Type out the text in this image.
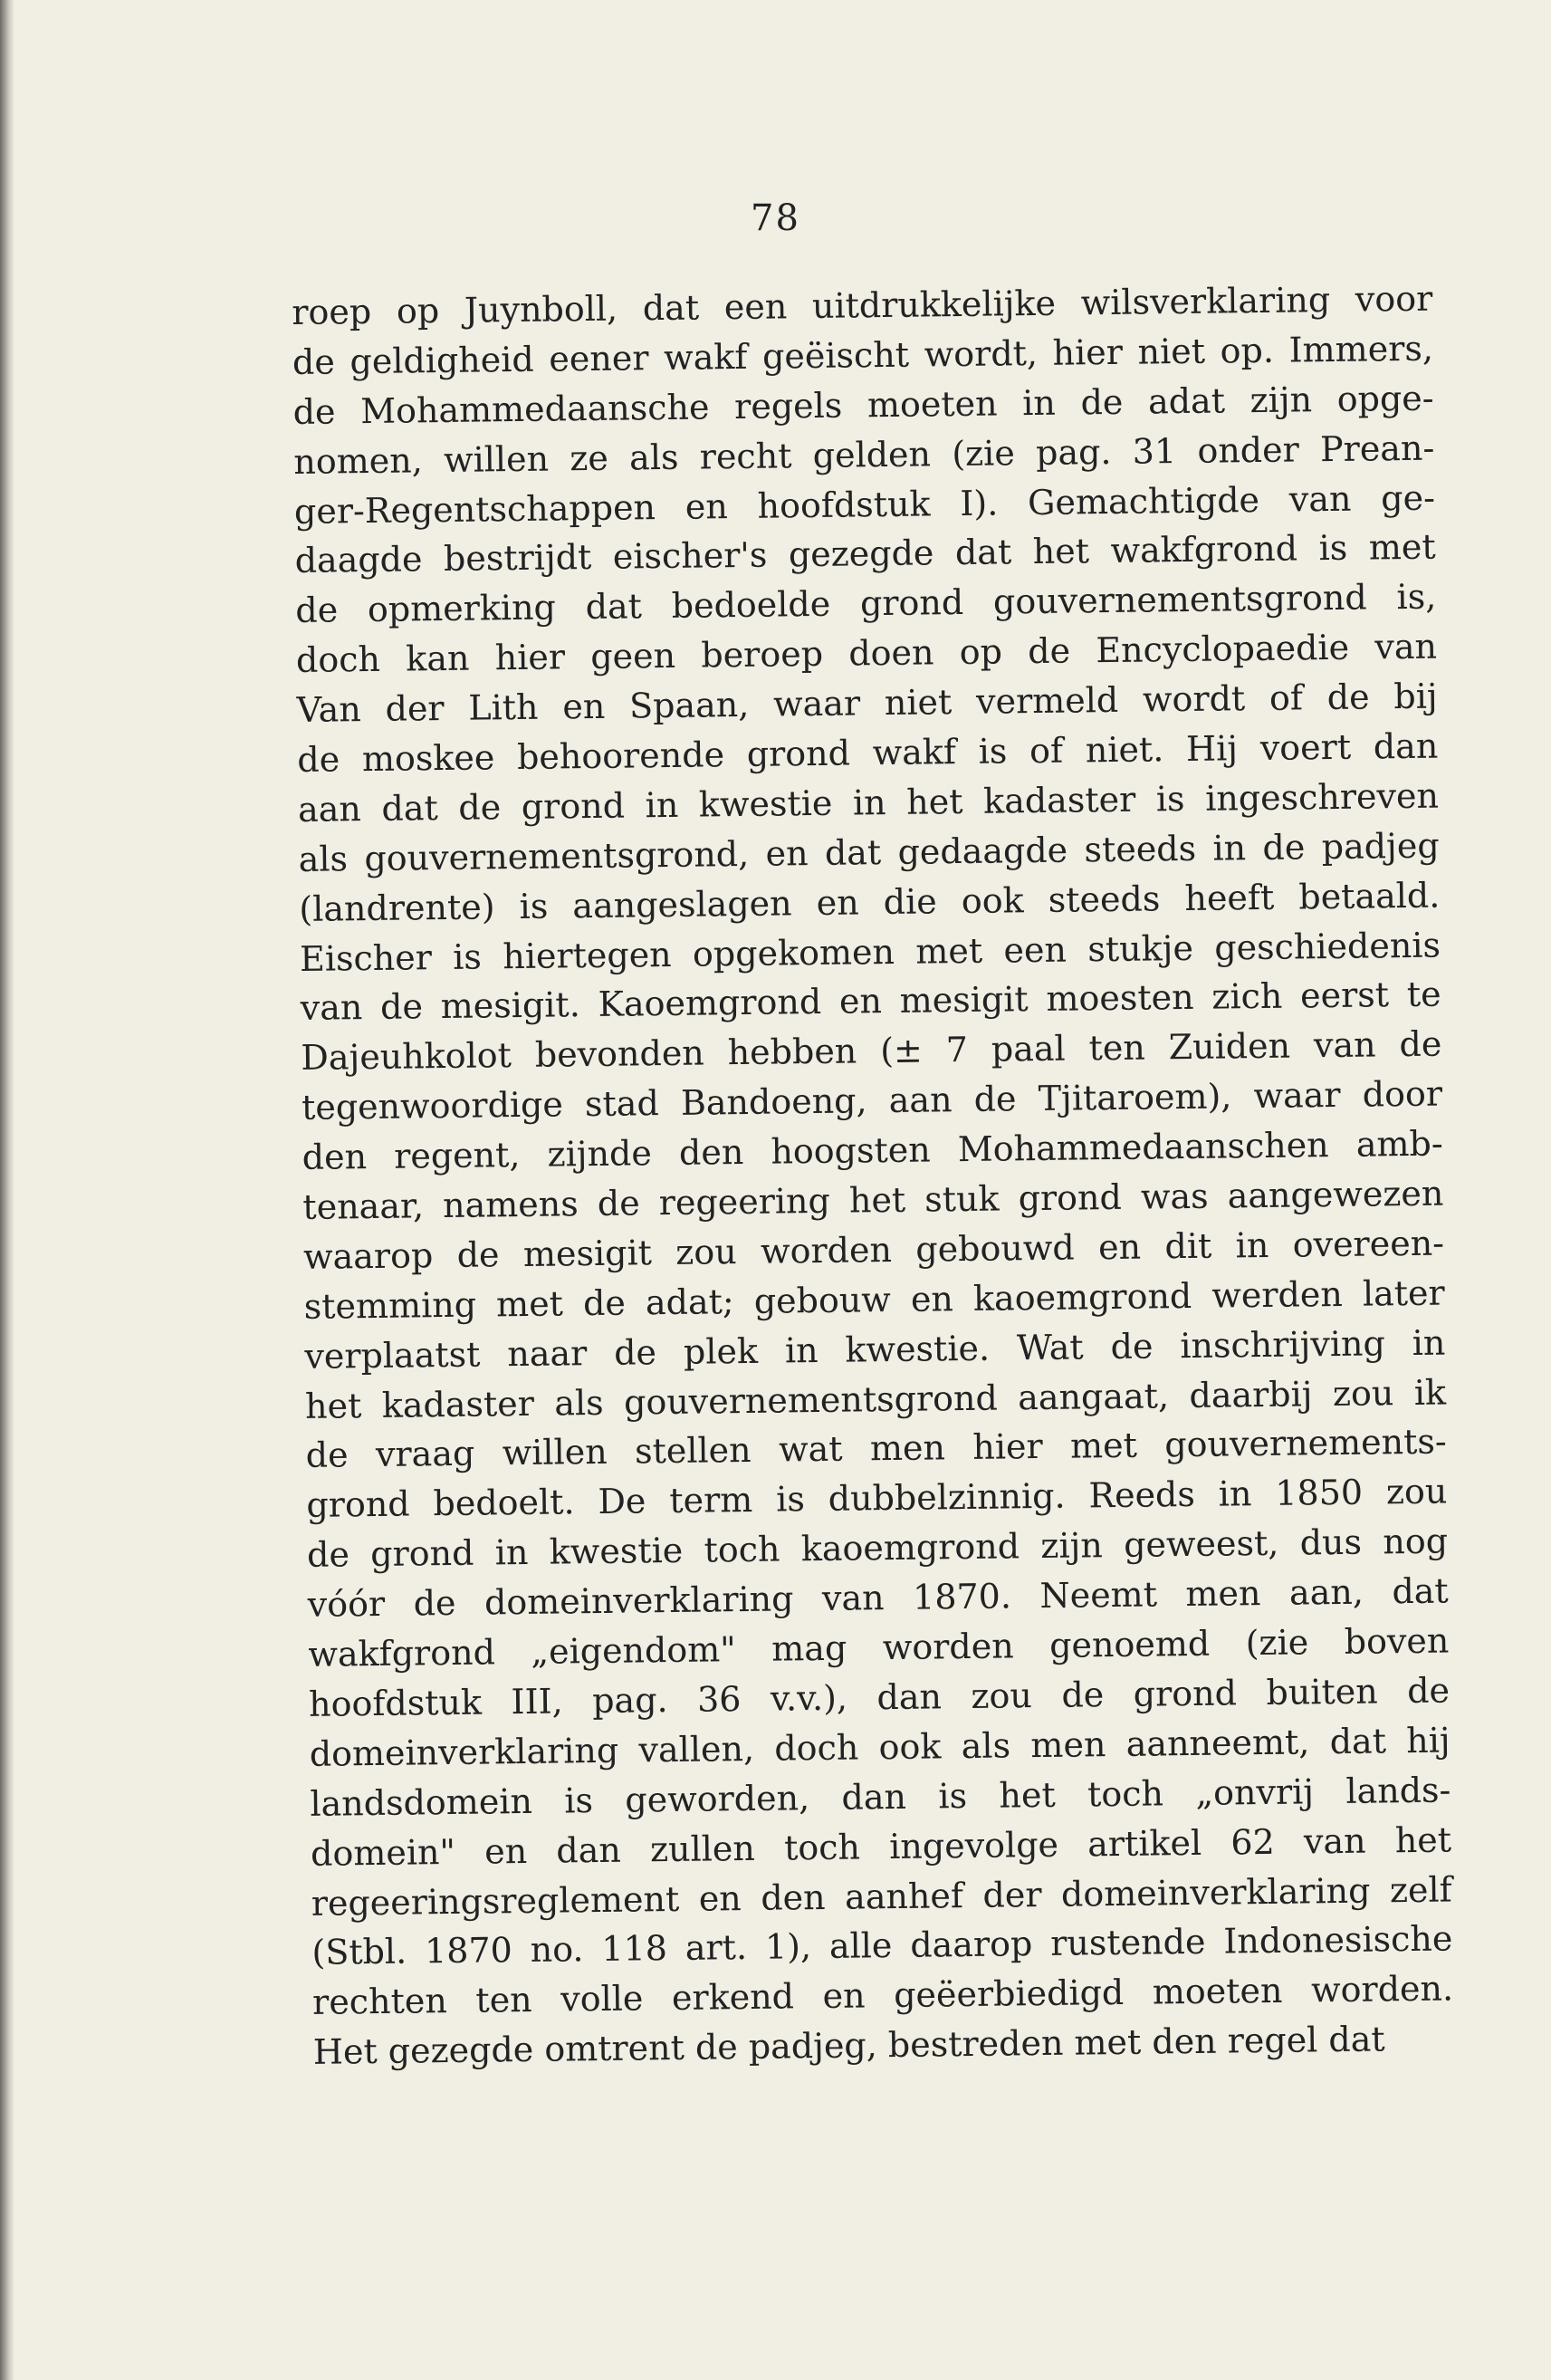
78
roep op Juynboll, dat een uitdrukkelijke wilsverklaring voor
de geldigheid eener wakf geëischt wordt, hier niet op. Immers,
de Mohammedaansche regels moeten in de adat zijn opge-
nomen, willen ze als recht gelden (zie pag. 31 onder Prean-
ger-Regentschappen en hoofdstuk I). Gemachtigde van ge-
daagde bestrijdt eischer's gezegde dat het wakfgrond is met
de opmerking dat bedoelde grond gouvernementsgrond is,
doch kan hier geen beroep doen op de Encyclopaedie van
Van der Lith en Spaan, waar niet vermeld wordt of de bij
de moskee behoorende grond wakf is of niet. Hij voert dan
aan dat de grond in kwestie in het kadaster is ingeschreven
als gouvernementsgrond, en dat gedaagde steeds in de padjeg
(landrente) is aangeslagen en die ook steeds heeft betaald.
Eischer is hiertegen opgekomen met een stukje geschiedenis
van de mesigit. Kaoemgrond en mesigit moesten zich eerst te
Dajeuhkolot bevonden hebben (± 7 paal ten Zuiden van de
tegenwoordige stad Bandoeng, aan de Tjitaroem), waar door
den regent, zijnde den hoogsten Mohammedaanschen amb-
tenaar, namens de regeering het stuk grond was aangewezen
waarop de mesigit zou worden gebouwd en dit in overeen-
stemming met de adat; gebouw en kaoemgrond werden later
verplaatst naar de plek in kwestie. Wat de inschrijving in
het kadaster als gouvernementsgrond aangaat, daarbij zou ik
de vraag willen stellen wat men hier met gouvernements-
grond bedoelt. De term is dubbelzinnig. Reeds in 1850 zou
de grond in kwestie toch kaoemgrond zijn geweest, dus nog
vóór de domeinverklaring van 1870. Neemt men aan, dat
wakfgrond „eigendom" mag worden genoemd (zie boven
hoofdstuk III, pag. 36 v.v.), dan zou de grond buiten de
domeinverklaring vallen, doch ook als men aanneemt, dat hij
landsdomein is geworden, dan is het toch „onvrij lands-
domein" en dan zullen toch ingevolge artikel 62 van het
regeeringsreglement en den aanhef der domeinverklaring zelf
(Stbl. 1870 no. 118 art. 1), alle daarop rustende Indonesische
rechten ten volle erkend en geëerbiedigd moeten worden.
Het gezegde omtrent de padjeg, bestreden met den regel dat
